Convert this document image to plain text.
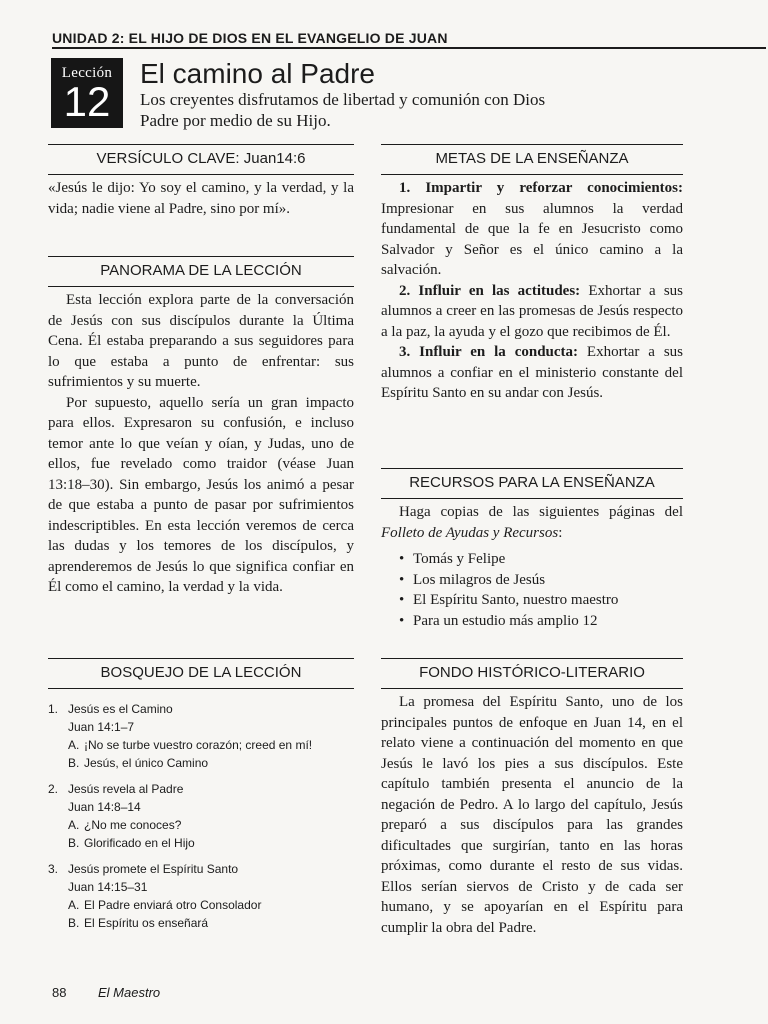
UNIDAD 2: EL HIJO DE DIOS EN EL EVANGELIO DE JUAN
Lección
12
El camino al Padre
Los creyentes disfrutamos de libertad y comunión con Dios Padre por medio de su Hijo.
VERSÍCULO CLAVE: Juan14:6

«Jesús le dijo: Yo soy el camino, y la verdad, y la vida; nadie viene al Padre, sino por mí».

PANORAMA DE LA LECCIÓN

Esta lección explora parte de la conversación de Jesús con sus discípulos durante la Última Cena. Él estaba preparando a sus seguidores para lo que estaba a punto de enfrentar: sus sufrimientos y su muerte.

Por supuesto, aquello sería un gran impacto para ellos. Expresaron su confusión, e incluso temor ante lo que veían y oían, y Judas, uno de ellos, fue revelado como traidor (véase Juan 13:18–30). Sin embargo, Jesús los animó a pesar de que estaba a punto de pasar por sufrimientos indescriptibles. En esta lección veremos de cerca las dudas y los temores de los discípulos, y aprenderemos de Jesús lo que significa confiar en Él como el camino, la verdad y la vida.

METAS DE LA ENSEÑANZA

1. Impartir y reforzar conocimientos: Impresionar en sus alumnos la verdad fundamental de que la fe en Jesucristo como Salvador y Señor es el único camino a la salvación.

2. Influir en las actitudes: Exhortar a sus alumnos a creer en las promesas de Jesús respecto a la paz, la ayuda y el gozo que recibimos de Él.

3. Influir en la conducta: Exhortar a sus alumnos a confiar en el ministerio constante del Espíritu Santo en su andar con Jesús.

RECURSOS PARA LA ENSEÑANZA

Haga copias de las siguientes páginas del Folleto de Ayudas y Recursos:

• Tomás y Felipe
• Los milagros de Jesús
• El Espíritu Santo, nuestro maestro
• Para un estudio más amplio 12
BOSQUEJO DE LA LECCIÓN
1. Jesús es el Camino
Juan 14:1–7
A. ¡No se turbe vuestro corazón; creed en mí!
B. Jesús, el único Camino
2. Jesús revela al Padre
Juan 14:8–14
A. ¿No me conoces?
B. Glorificado en el Hijo
3. Jesús promete el Espíritu Santo
Juan 14:15–31
A. El Padre enviará otro Consolador
B. El Espíritu os enseñará
FONDO HISTÓRICO-LITERARIO

La promesa del Espíritu Santo, uno de los principales puntos de enfoque en Juan 14, en el relato viene a continuación del momento en que Jesús le lavó los pies a sus discípulos. Este capítulo también presenta el anuncio de la negación de Pedro. A lo largo del capítulo, Jesús preparó a sus discípulos para las grandes dificultades que surgirían, tanto en las horas próximas, como durante el resto de sus vidas. Ellos serían siervos de Cristo y de cada ser humano, y se apoyarían en el Espíritu para cumplir la obra del Padre.

88 El Maestro
